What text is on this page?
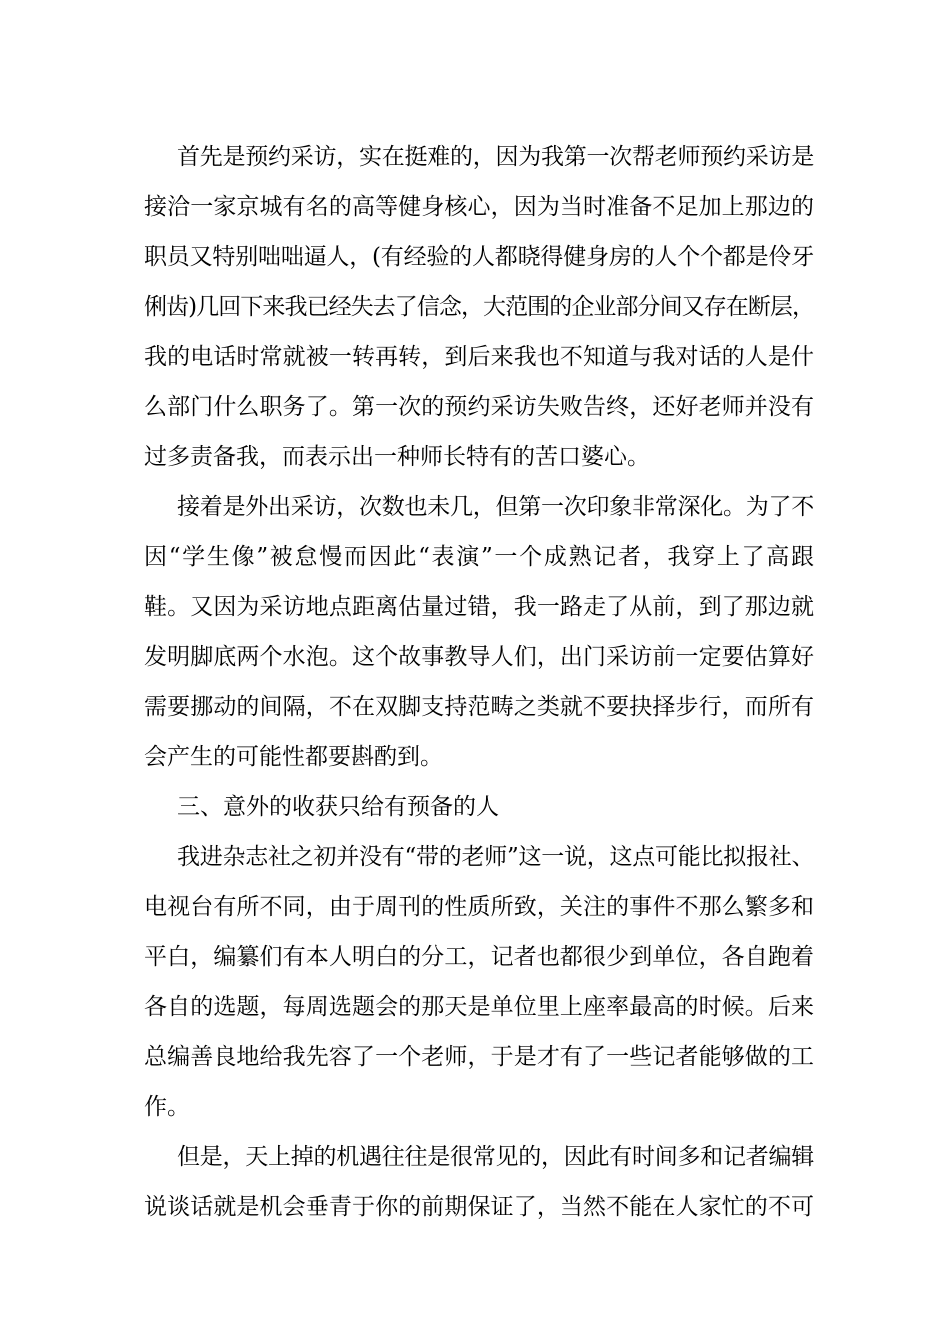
首先是预约采访，实在挺难的，因为我第一次帮老师预约采访是
接洽一家京城有名的高等健身核心，因为当时准备不足加上那边的
职员又特别咄咄逼人，(有经验的人都晓得健身房的人个个都是伶牙
俐齿)几回下来我已经失去了信念，大范围的企业部分间又存在断层，
我的电话时常就被一转再转，到后来我也不知道与我对话的人是什
么部门什么职务了。第一次的预约采访失败告终，还好老师并没有
过多责备我，而表示出一种师长特有的苦口婆心。
接着是外出采访，次数也未几，但第一次印象非常深化。为了不
因“学生像”被怠慢而因此“表演”一个成熟记者，我穿上了高跟
鞋。又因为采访地点距离估量过错，我一路走了从前，到了那边就
发明脚底两个水泡。这个故事教导人们，出门采访前一定要估算好
需要挪动的间隔，不在双脚支持范畴之类就不要抉择步行，而所有
会产生的可能性都要斟酌到。
三、意外的收获只给有预备的人
我进杂志社之初并没有“带的老师”这一说，这点可能比拟报社、
电视台有所不同，由于周刊的性质所致，关注的事件不那么繁多和
平白，编纂们有本人明白的分工，记者也都很少到单位，各自跑着
各自的选题，每周选题会的那天是单位里上座率最高的时候。后来
总编善良地给我先容了一个老师，于是才有了一些记者能够做的工
作。
但是，天上掉的机遇往往是很常见的，因此有时间多和记者编辑
说谈话就是机会垂青于你的前期保证了，当然不能在人家忙的不可
